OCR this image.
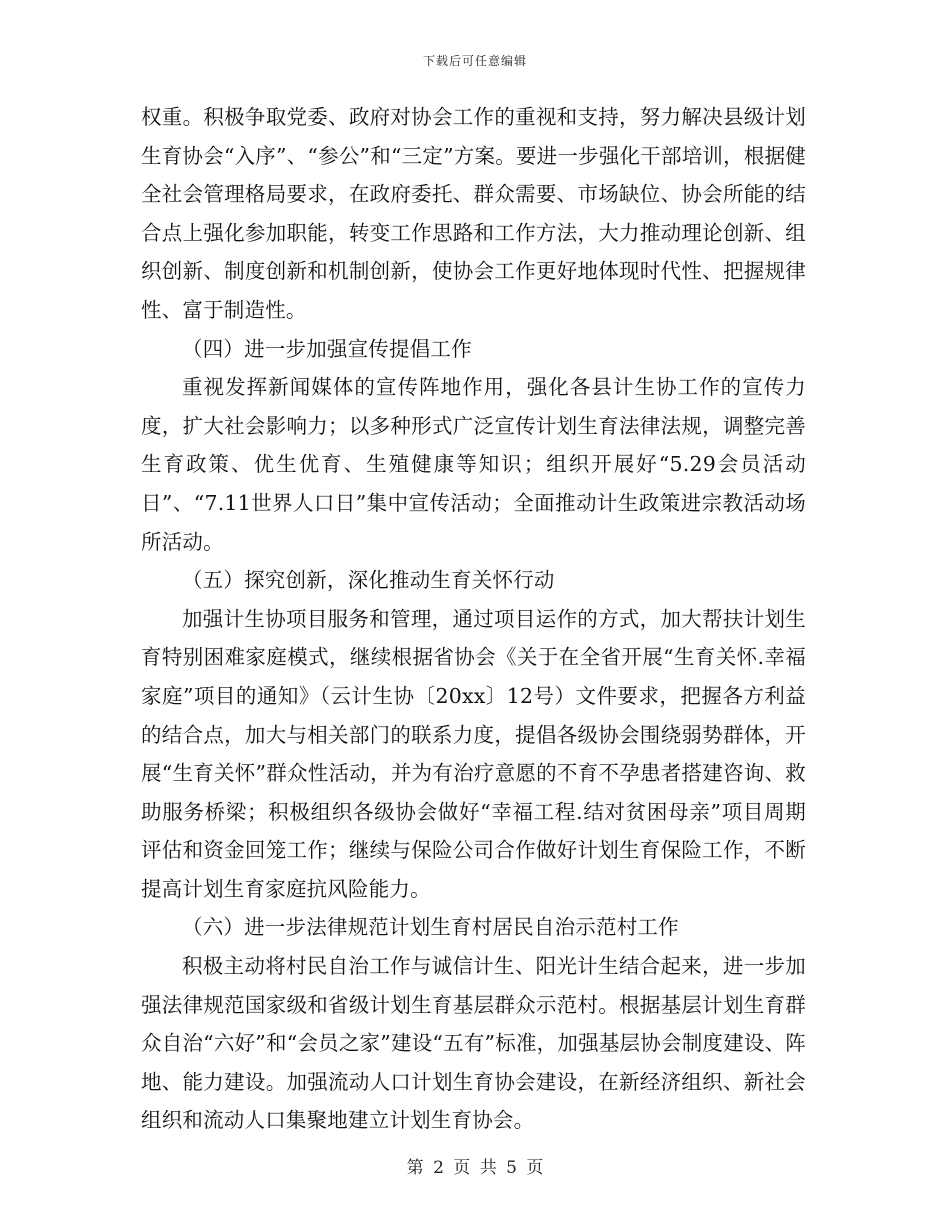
下载后可任意编辑

权重。积极争取党委、政府对协会工作的重视和支持，努力解决县级计划生育协会“入序”、“参公”和“三定”方案。要进一步强化干部培训，根据健全社会管理格局要求，在政府委托、群众需要、市场缺位、协会所能的结合点上强化参加职能，转变工作思路和工作方法，大力推动理论创新、组织创新、制度创新和机制创新，使协会工作更好地体现时代性、把握规律性、富于制造性。

（四）进一步加强宣传提倡工作

重视发挥新闻媒体的宣传阵地作用，强化各县计生协工作的宣传力度，扩大社会影响力；以多种形式广泛宣传计划生育法律法规，调整完善生育政策、优生优育、生殖健康等知识；组织开展好“5.29会员活动日”、“7.11世界人口日”集中宣传活动；全面推动计生政策进宗教活动场所活动。

（五）探究创新，深化推动生育关怀行动

加强计生协项目服务和管理，通过项目运作的方式，加大帮扶计划生育特别困难家庭模式，继续根据省协会《关于在全省开展“生育关怀.幸福家庭”项目的通知》（云计生协〔20xx〕12号）文件要求，把握各方利益的结合点，加大与相关部门的联系力度，提倡各级协会围绕弱势群体，开展“生育关怀”群众性活动，并为有治疗意愿的不育不孕患者搭建咨询、救助服务桥梁；积极组织各级协会做好“幸福工程.结对贫困母亲”项目周期评估和资金回笼工作；继续与保险公司合作做好计划生育保险工作，不断提高计划生育家庭抗风险能力。

（六）进一步法律规范计划生育村居民自治示范村工作

积极主动将村民自治工作与诚信计生、阳光计生结合起来，进一步加强法律规范国家级和省级计划生育基层群众示范村。根据基层计划生育群众自治“六好”和“会员之家”建设“五有”标准，加强基层协会制度建设、阵地、能力建设。加强流动人口计划生育协会建设，在新经济组织、新社会组织和流动人口集聚地建立计划生育协会。

第 2 页 共 5 页
